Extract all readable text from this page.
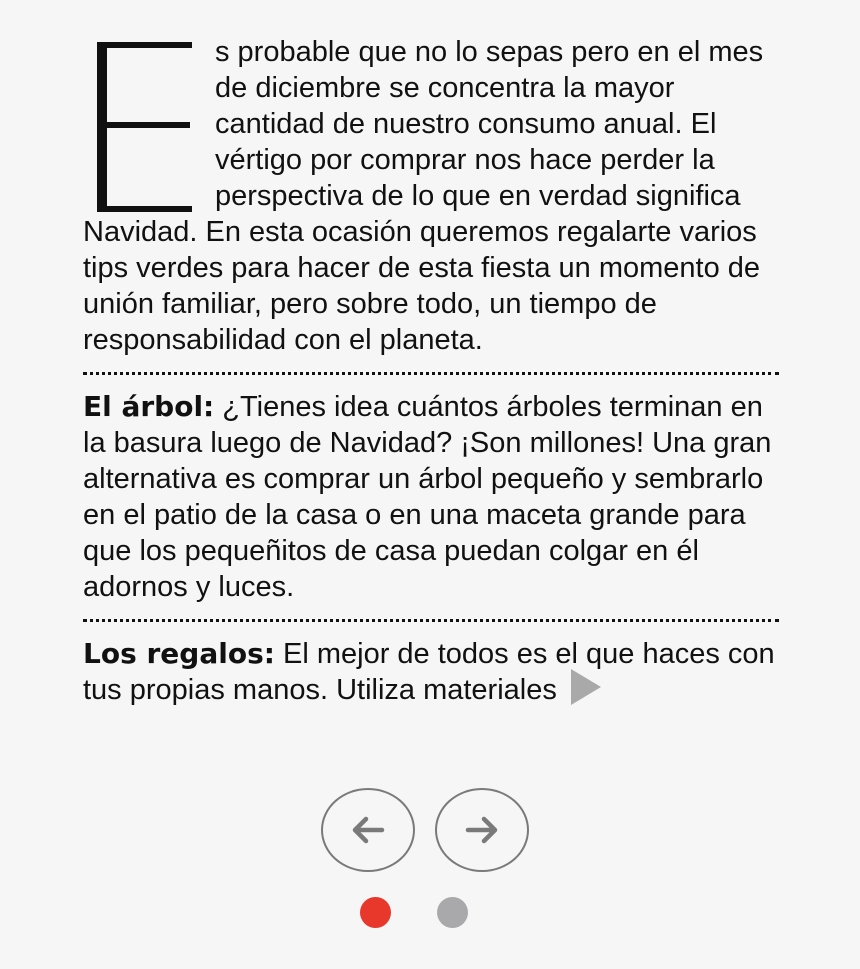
s probable que no lo sepas pero en el mes de diciembre se concentra la mayor cantidad de nuestro consumo anual. El vértigo por comprar nos hace perder la perspectiva de lo que en verdad significa Navidad. En esta ocasión queremos regalarte varios tips verdes para hacer de esta fiesta un momento de unión familiar, pero sobre todo, un tiempo de responsabilidad con el planeta.

El árbol: ¿Tienes idea cuántos árboles terminan en la basura luego de Navidad? ¡Son millones! Una gran alternativa es comprar un árbol pequeño y sembrarlo en el patio de la casa o en una maceta grande para que los pequeñitos de casa puedan colgar en él adornos y luces.

Los regalos: El mejor de todos es el que haces con tus propias manos. Utiliza materiales
